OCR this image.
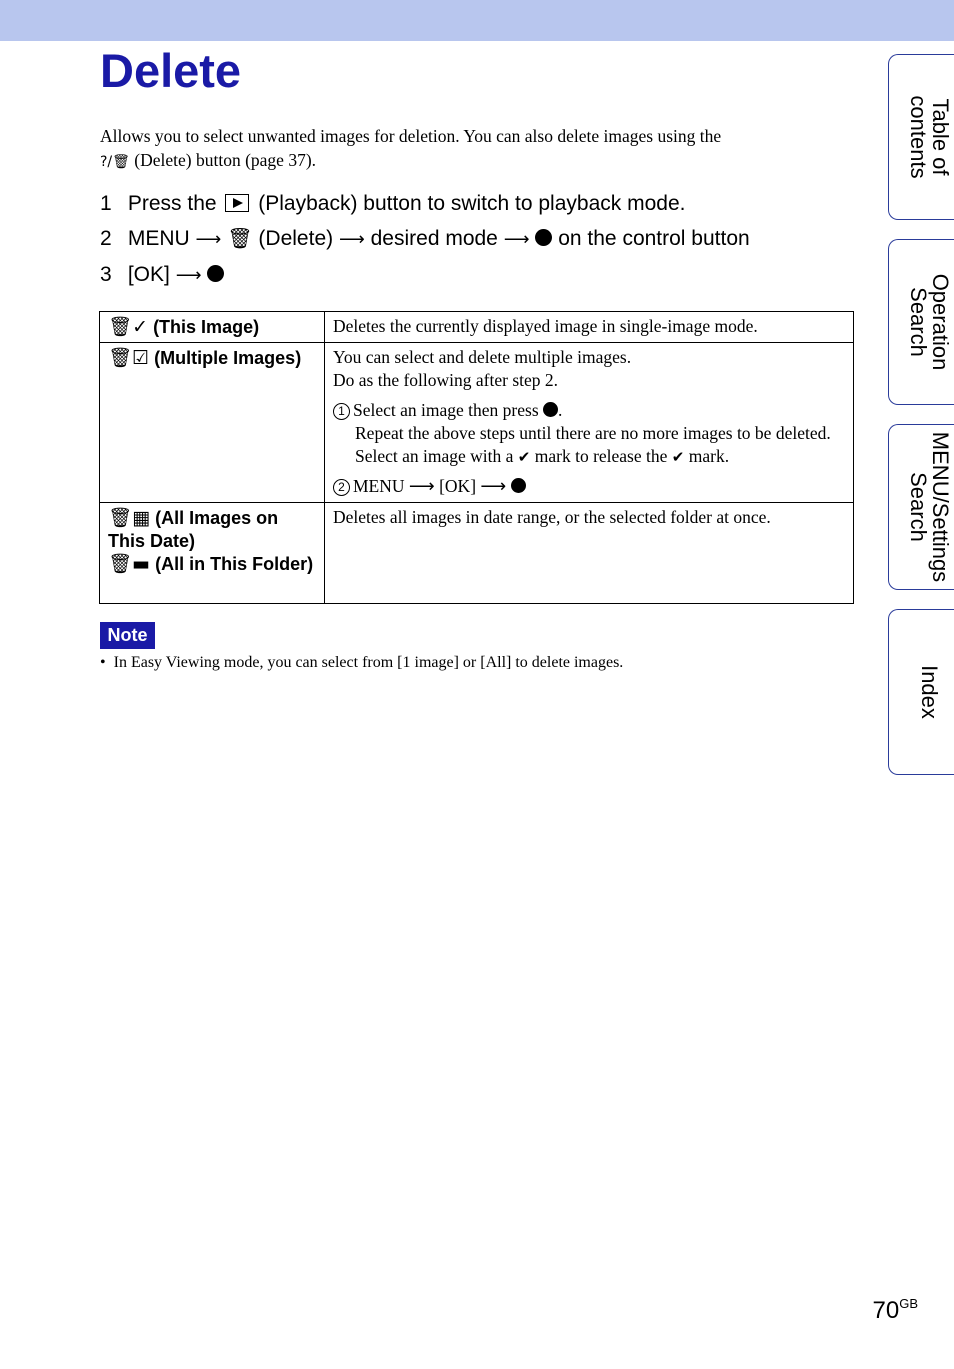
Delete
Allows you to select unwanted images for deletion. You can also delete images using the
?/🗑 (Delete) button (page 37).
1 Press the (Playback) button to switch to playback mode.
2 MENU ⟶ 🗑 (Delete) ⟶ desired mode ⟶ on the control button
3 [OK] ⟶
🗑✓ (This Image)	Deletes the currently displayed image in single-image mode.
🗑☑ (Multiple Images)	You can select and delete multiple images.
Do as the following after step 2.
1 Select an image then press .
Repeat the above steps until there are no more images to be deleted. Select an image with a ✔ mark to release the ✔ mark.
2 MENU ⟶ [OK] ⟶

🗑▦ (All Images on This Date)
🗑▬ (All in This Folder)	Deletes all images in date range, or the selected folder at once.
Note
• In Easy Viewing mode, you can select from [1 image] or [All] to delete images.
Table of
contents
Operation
Search
MENU/Settings
Search
Index
$70^{GB}$
